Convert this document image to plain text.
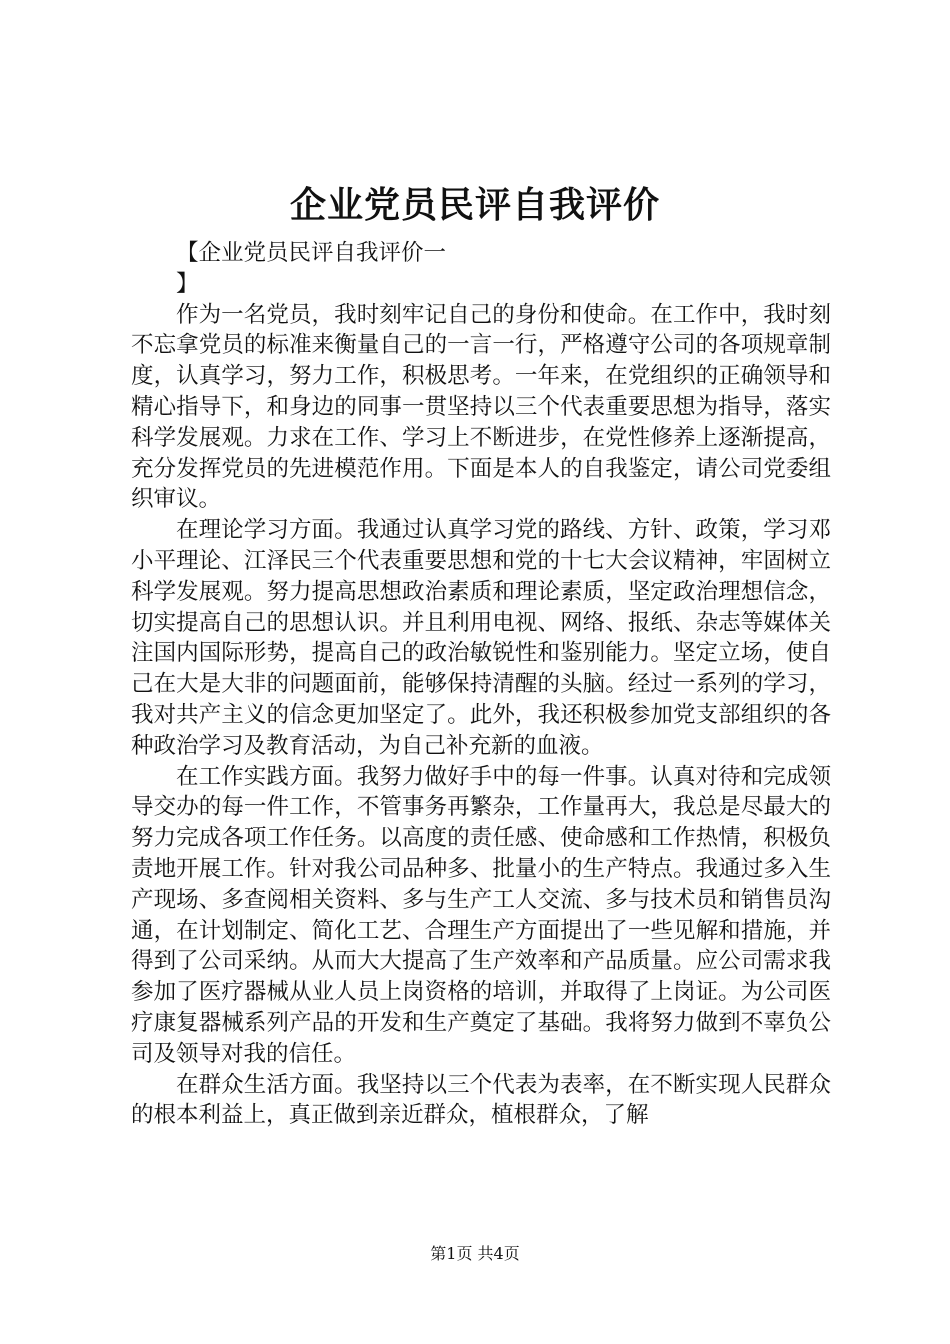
企业党员民评自我评价
【企业党员民评自我评价一
】

作为一名党员，我时刻牢记自己的身份和使命。在工作中，我时刻不忘拿党员的标准来衡量自己的一言一行，严格遵守公司的各项规章制度，认真学习，努力工作，积极思考。一年来，在党组织的正确领导和精心指导下，和身边的同事一贯坚持以三个代表重要思想为指导，落实科学发展观。力求在工作、学习上不断进步，在党性修养上逐渐提高，充分发挥党员的先进模范作用。下面是本人的自我鉴定，请公司党委组织审议。

在理论学习方面。我通过认真学习党的路线、方针、政策，学习邓小平理论、江泽民三个代表重要思想和党的十七大会议精神，牢固树立科学发展观。努力提高思想政治素质和理论素质，坚定政治理想信念，切实提高自己的思想认识。并且利用电视、网络、报纸、杂志等媒体关注国内国际形势，提高自己的政治敏锐性和鉴别能力。坚定立场，使自己在大是大非的问题面前，能够保持清醒的头脑。经过一系列的学习，我对共产主义的信念更加坚定了。此外，我还积极参加党支部组织的各种政治学习及教育活动，为自己补充新的血液。

在工作实践方面。我努力做好手中的每一件事。认真对待和完成领导交办的每一件工作，不管事务再繁杂，工作量再大，我总是尽最大的努力完成各项工作任务。以高度的责任感、使命感和工作热情，积极负责地开展工作。针对我公司品种多、批量小的生产特点。我通过多入生产现场、多查阅相关资料、多与生产工人交流、多与技术员和销售员沟通，在计划制定、简化工艺、合理生产方面提出了一些见解和措施，并得到了公司采纳。从而大大提高了生产效率和产品质量。应公司需求我参加了医疗器械从业人员上岗资格的培训，并取得了上岗证。为公司医疗康复器械系列产品的开发和生产奠定了基础。我将努力做到不辜负公司及领导对我的信任。

在群众生活方面。我坚持以三个代表为表率，在不断实现人民群众的根本利益上，真正做到亲近群众，植根群众，了解

第1页 共4页
